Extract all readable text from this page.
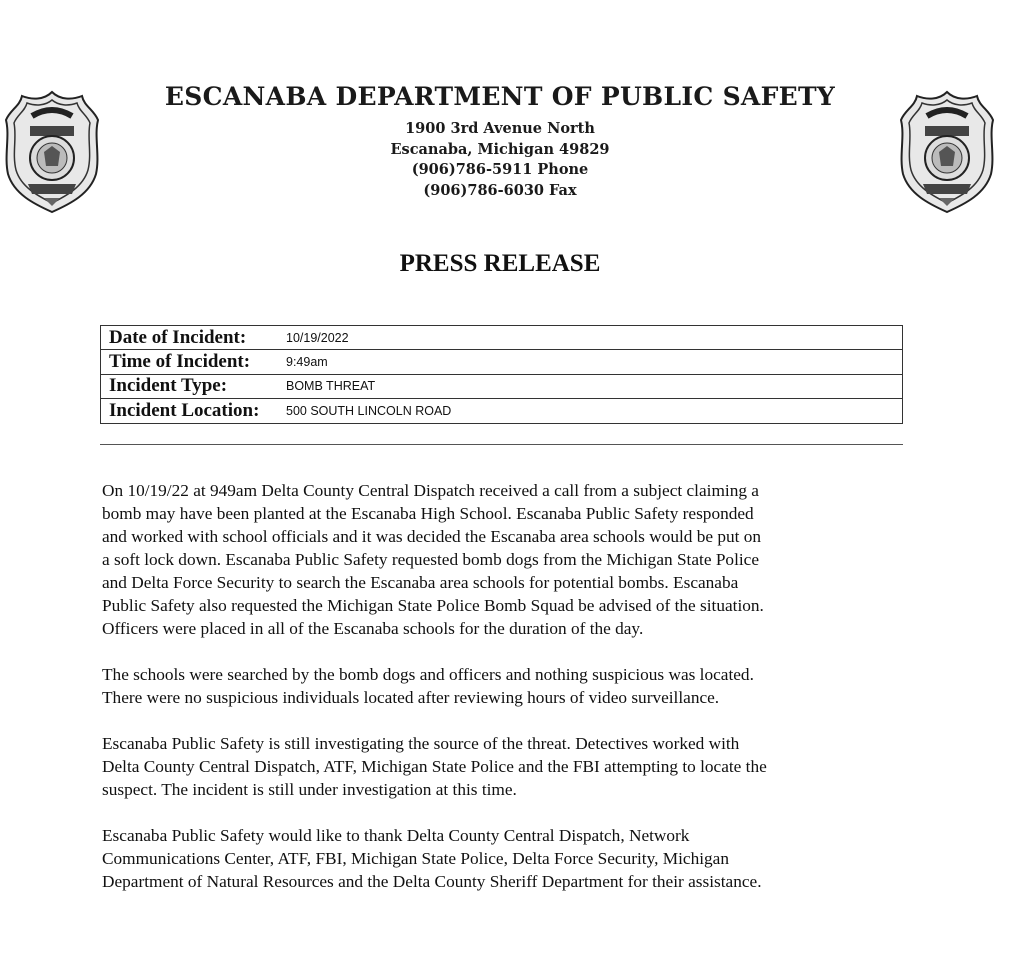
ESCANABA DEPARTMENT OF PUBLIC SAFETY
1900 3rd Avenue North
Escanaba, Michigan 49829
(906)786-5911 Phone
(906)786-6030 Fax
PRESS RELEASE
Date of Incident:	10/19/2022
Time of Incident:	9:49am
Incident Type:	BOMB THREAT
Incident Location:	500 SOUTH LINCOLN ROAD

On 10/19/22 at 949am Delta County Central Dispatch received a call from a subject claiming a
bomb may have been planted at the Escanaba High School. Escanaba Public Safety responded
and worked with school officials and it was decided the Escanaba area schools would be put on
a soft lock down. Escanaba Public Safety requested bomb dogs from the Michigan State Police
and Delta Force Security to search the Escanaba area schools for potential bombs. Escanaba
Public Safety also requested the Michigan State Police Bomb Squad be advised of the situation.
Officers were placed in all of the Escanaba schools for the duration of the day.

The schools were searched by the bomb dogs and officers and nothing suspicious was located.
There were no suspicious individuals located after reviewing hours of video surveillance.

Escanaba Public Safety is still investigating the source of the threat. Detectives worked with
Delta County Central Dispatch, ATF, Michigan State Police and the FBI attempting to locate the
suspect. The incident is still under investigation at this time.

Escanaba Public Safety would like to thank Delta County Central Dispatch, Network
Communications Center, ATF, FBI, Michigan State Police, Delta Force Security, Michigan
Department of Natural Resources and the Delta County Sheriff Department for their assistance.
